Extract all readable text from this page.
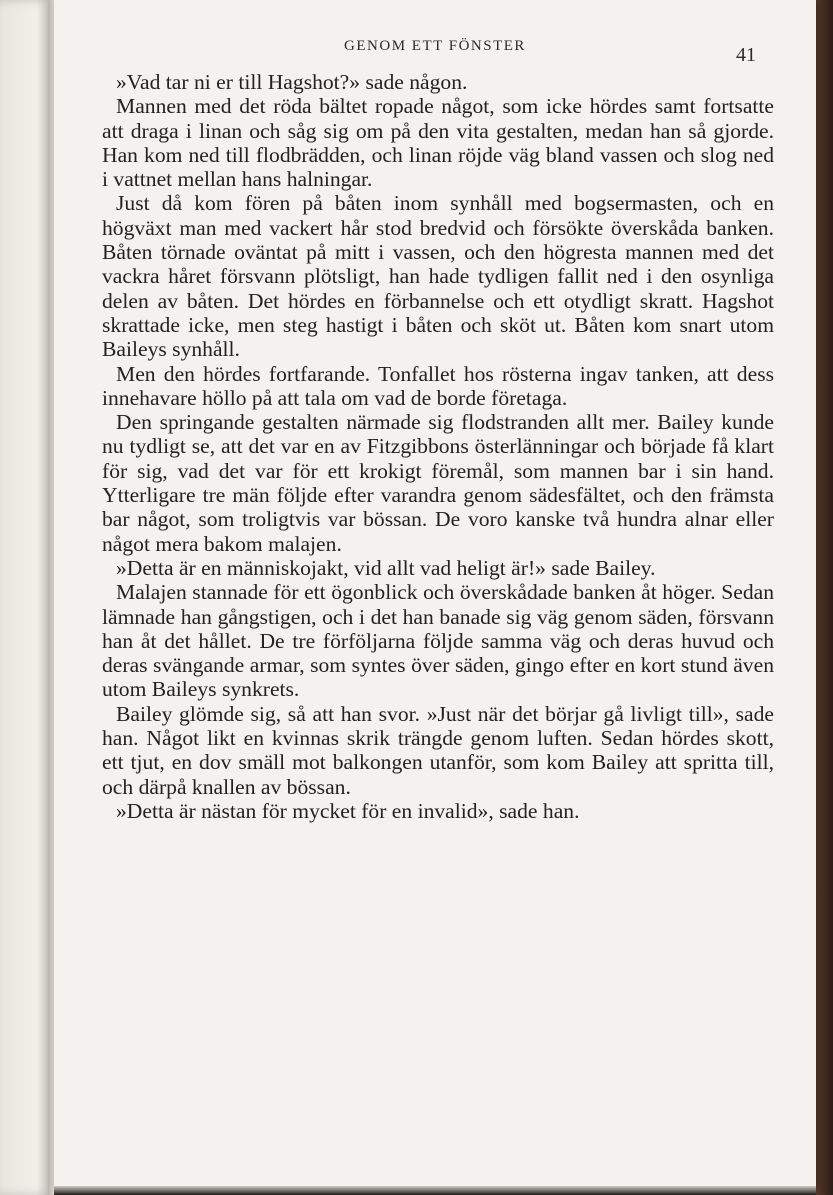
GENOM ETT FÖNSTER	41

»Vad tar ni er till Hagshot?» sade någon.

Mannen med det röda bältet ropade något, som icke hördes samt fortsatte att draga i linan och såg sig om på den vita gestalten, medan han så gjorde. Han kom ned till flodbrädden, och linan röjde väg bland vassen och slog ned i vattnet mellan hans halningar.

Just då kom fören på båten inom synhåll med bogsermasten, och en högväxt man med vackert hår stod bredvid och försökte överskåda banken. Båten törnade oväntat på mitt i vassen, och den högresta mannen med det vackra håret försvann plötsligt, han hade tydligen fallit ned i den osynliga delen av båten. Det hördes en förbannelse och ett otydligt skratt. Hagshot skrattade icke, men steg hastigt i båten och sköt ut. Båten kom snart utom Baileys synhåll.

Men den hördes fortfarande. Tonfallet hos rösterna ingav tanken, att dess innehavare höllo på att tala om vad de borde företaga.

Den springande gestalten närmade sig flodstranden allt mer. Bailey kunde nu tydligt se, att det var en av Fitzgibbons österlänningar och började få klart för sig, vad det var för ett krokigt föremål, som mannen bar i sin hand. Ytterligare tre män följde efter varandra genom sädesfältet, och den främsta bar något, som troligtvis var bössan. De voro kanske två hundra alnar eller något mera bakom malajen.

»Detta är en människojakt, vid allt vad heligt är!» sade Bailey.

Malajen stannade för ett ögonblick och överskådade banken åt höger. Sedan lämnade han gångstigen, och i det han banade sig väg genom säden, försvann han åt det hållet. De tre förföljarna följde samma väg och deras huvud och deras svängande armar, som syntes över säden, gingo efter en kort stund även utom Baileys synkrets.

Bailey glömde sig, så att han svor. »Just när det börjar gå livligt till», sade han. Något likt en kvinnas skrik trängde genom luften. Sedan hördes skott, ett tjut, en dov smäll mot balkongen utanför, som kom Bailey att spritta till, och därpå knallen av bössan.

»Detta är nästan för mycket för en invalid», sade han.
